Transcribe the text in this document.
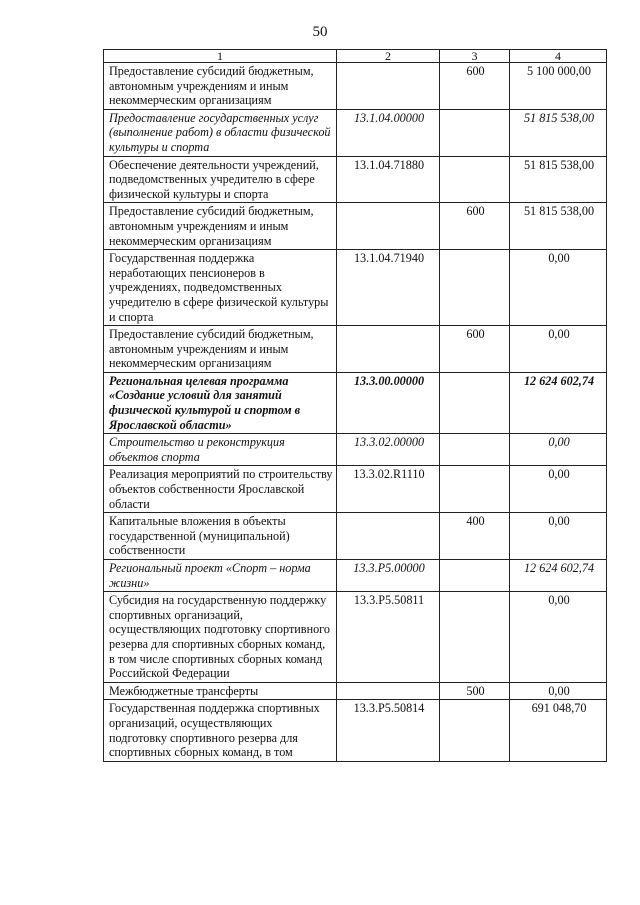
50
1	2	3	4
Предоставление субсидий бюджетным, автономным учреждениям и иным некоммерческим организациям		600	5 100 000,00
Предоставление государственных услуг (выполнение работ) в области физической культуры и спорта	13.1.04.00000		51 815 538,00
Обеспечение деятельности учреждений, подведомственных учредителю в сфере физической культуры и спорта	13.1.04.71880		51 815 538,00
Предоставление субсидий бюджетным, автономным учреждениям и иным некоммерческим организациям		600	51 815 538,00
Государственная поддержка неработающих пенсионеров в учреждениях, подведомственных учредителю в сфере физической культуры и спорта	13.1.04.71940		0,00
Предоставление субсидий бюджетным, автономным учреждениям и иным некоммерческим организациям		600	0,00
Региональная целевая программа «Создание условий для занятий физической культурой и спортом в Ярославской области»	13.3.00.00000		12 624 602,74
Строительство и реконструкция объектов спорта	13.3.02.00000		0,00
Реализация мероприятий по строительству объектов собственности Ярославской области	13.3.02.R1110		0,00
Капитальные вложения в объекты государственной (муниципальной) собственности		400	0,00
Региональный проект «Спорт – норма жизни»	13.3.P5.00000		12 624 602,74
Субсидия на государственную поддержку спортивных организаций, осуществляющих подготовку спортивного резерва для спортивных сборных команд, в том числе спортивных сборных команд Российской Федерации	13.3.P5.50811		0,00
Межбюджетные трансферты		500	0,00
Государственная поддержка спортивных организаций, осуществляющих подготовку спортивного резерва для спортивных сборных команд, в том	13.3.P5.50814		691 048,70
